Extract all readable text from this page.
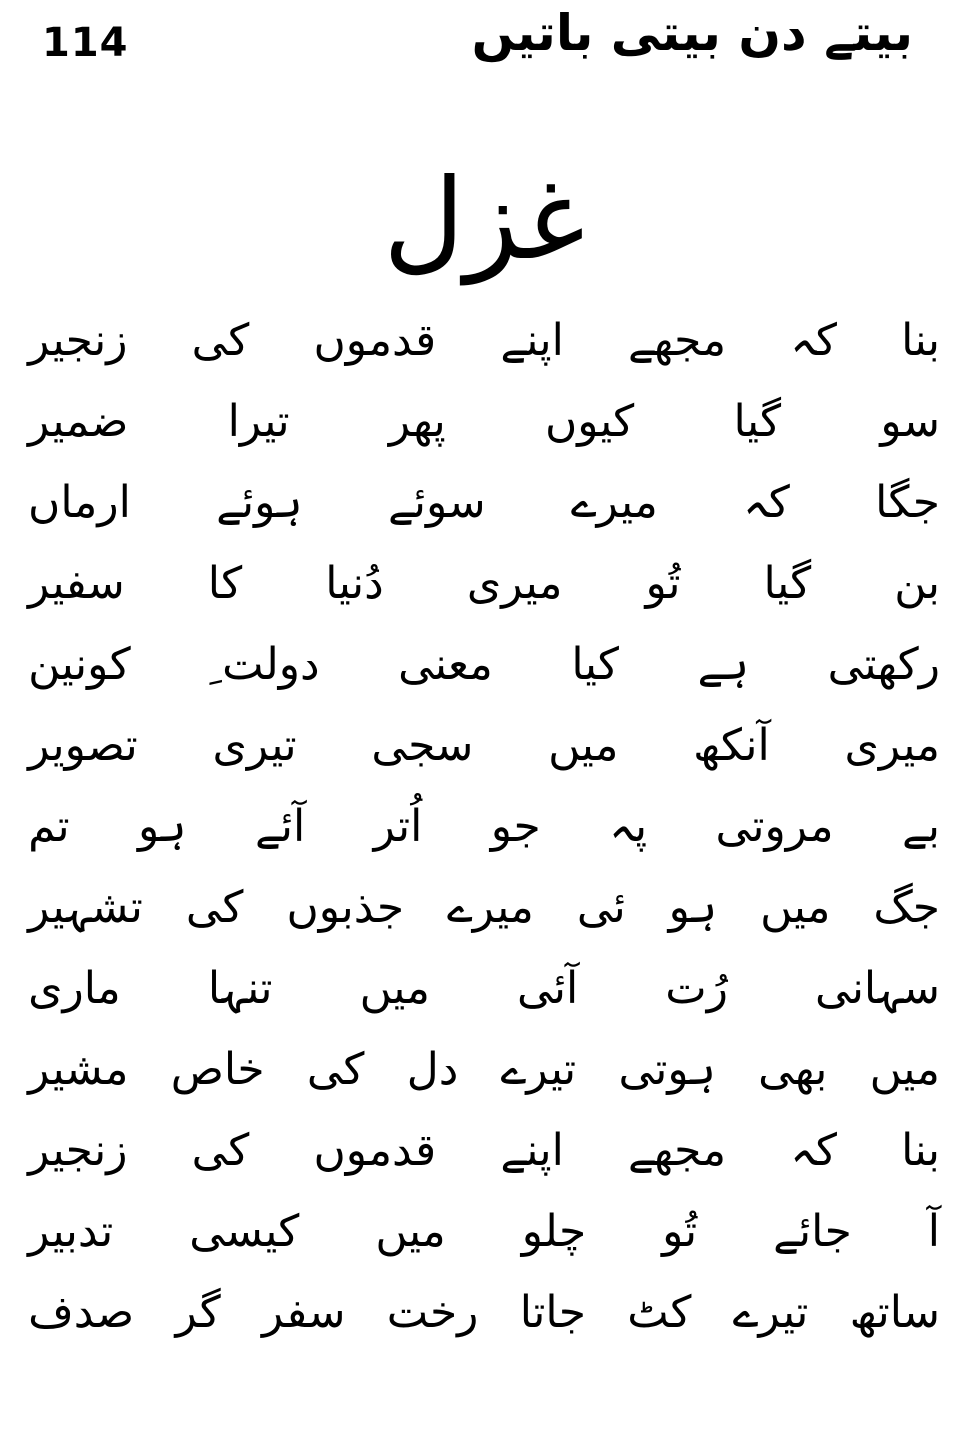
114	بیتے دن بیتی باتیں
غزل
بنا
کہ
مجھے
اپنے
قدموں
کی
زنجیر
سو
گیا
کیوں
پھر
تیرا
ضمیر
جگا
کہ
میرے
سوئے
ہوئے
ارماں
بن
گیا
تُو
میری
دُنیا
کا
سفیر
رکھتی
ہے
کیا
معنی
دولت ِ
کونین
میری
آنکھ
میں
سجی
تیری
تصویر
بے
مروتی
پہ
جو
اُتر
آئے
ہو
تم
جگ
میں
ہو
ئی
میرے
جذبوں
کی
تشہیر
سہانی
رُت
آئی
میں
تنہا
ماری
میں
بھی
ہوتی
تیرے
دل
کی
خاص
مشیر
بنا
کہ
مجھے
اپنے
قدموں
کی
زنجیر
آ
جائے
تُو
چلو
میں
کیسی
تدبیر
ساتھ
تیرے
کٹ
جاتا
رخت
سفر
گر
صدف
